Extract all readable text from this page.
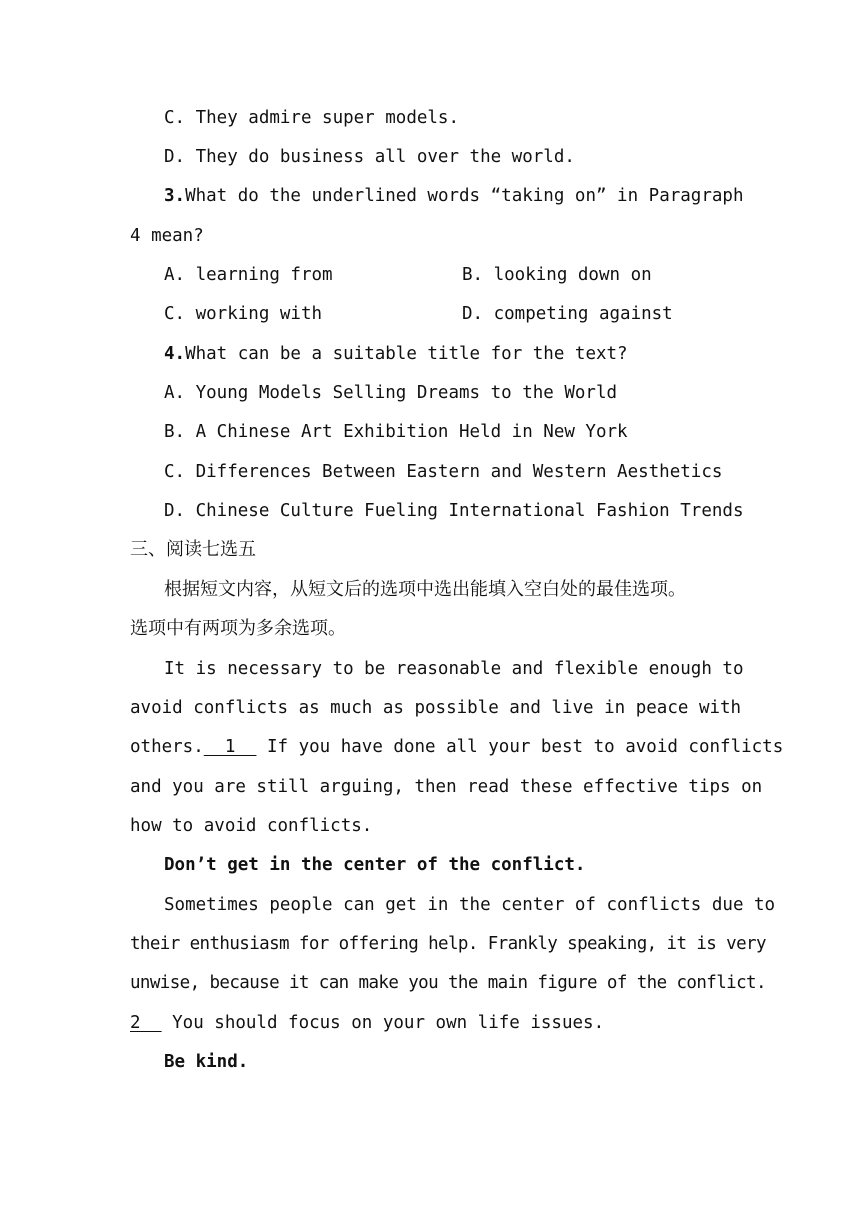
C. They admire super models.
D. They do business all over the world.
3.What do the underlined words “taking on” in Paragraph
4 mean?
A. learning from	B. looking down on
C. working with	D. competing against
4.What can be a suitable title for the text?
A. Young Models Selling Dreams to the World
B. A Chinese Art Exhibition Held in New York
C. Differences Between Eastern and Western Aesthetics
D. Chinese Culture Fueling International Fashion Trends
三、阅读七选五
根据短文内容，从短文后的选项中选出能填入空白处的最佳选项。
选项中有两项为多余选项。
It is necessary to be reasonable and flexible enough to
avoid conflicts as much as possible and live in peace with
others.  1   If you have done all your best to avoid conflicts
and you are still arguing, then read these effective tips on
how to avoid conflicts.
Don’t get in the center of the conflict.
Sometimes people can get in the center of conflicts due to
their enthusiasm for offering help. Frankly speaking, it is very
unwise, because it can make you the main figure of the conflict.
2   You should focus on your own life issues.
Be kind.
